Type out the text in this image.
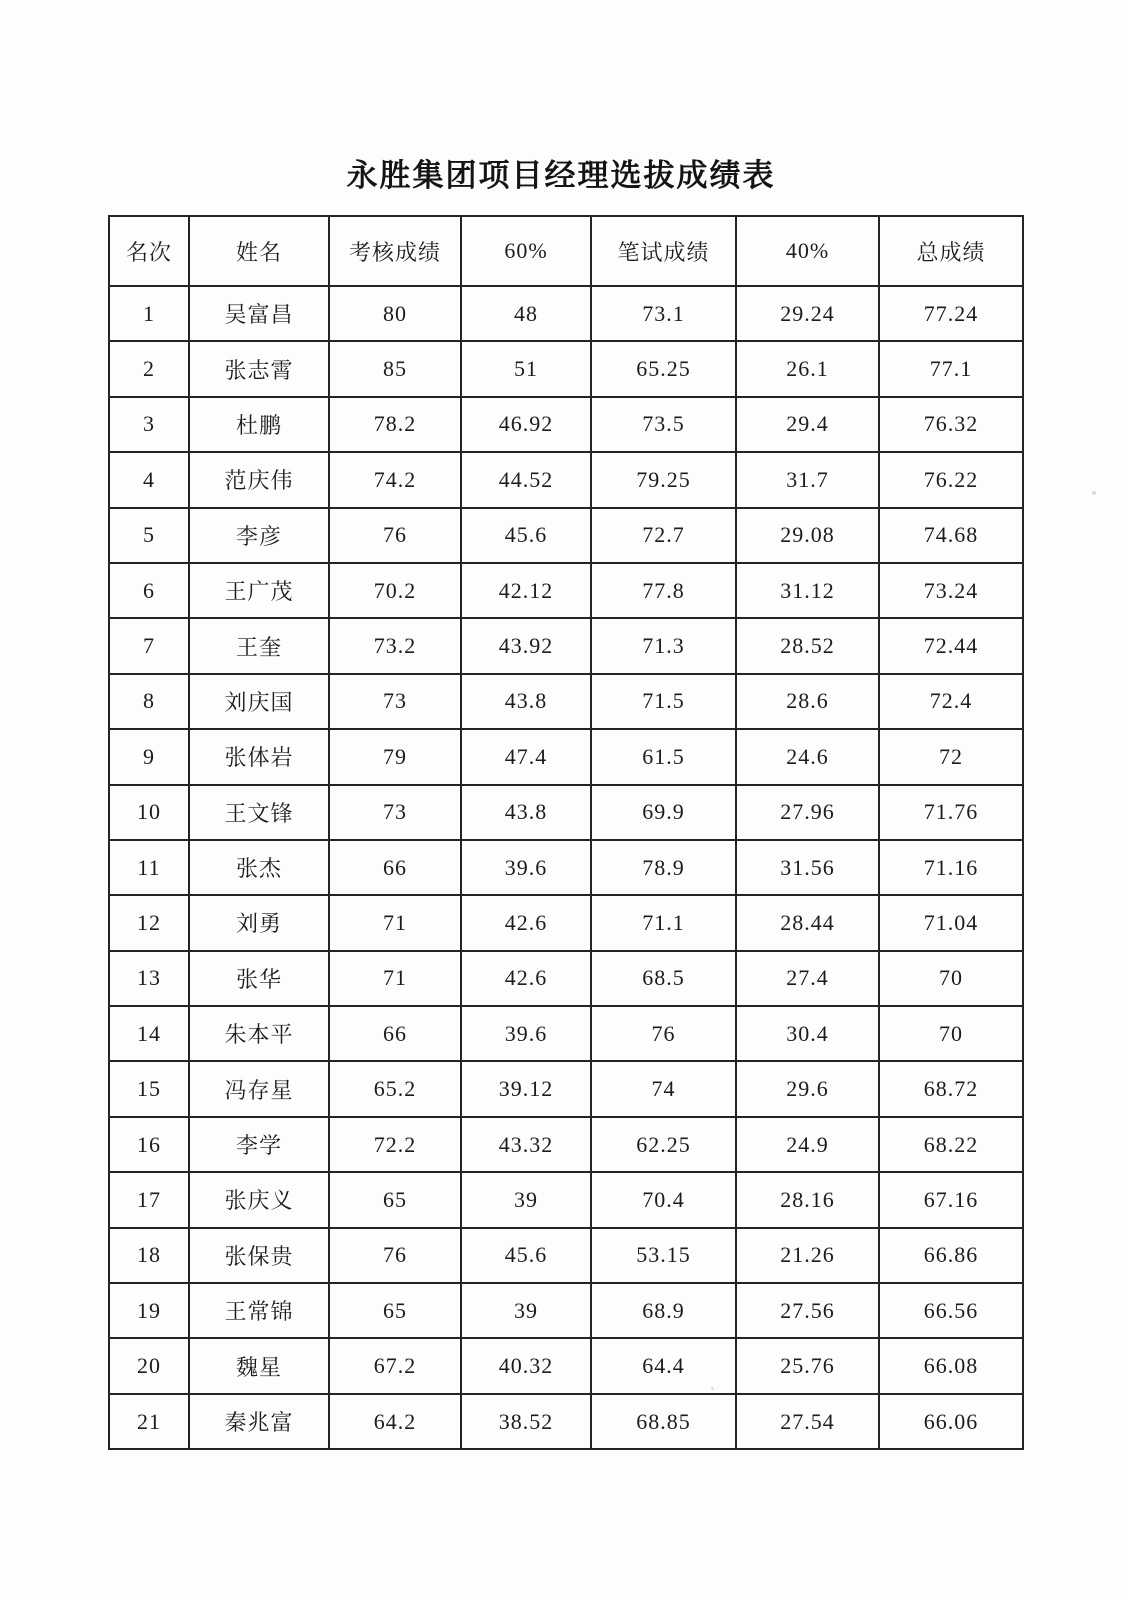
永胜集团项目经理选拔成绩表
名次	姓名	考核成绩	60%	笔试成绩	40%	总成绩
1	吴富昌	80	48	73.1	29.24	77.24
2	张志霄	85	51	65.25	26.1	77.1
3	杜鹏	78.2	46.92	73.5	29.4	76.32
4	范庆伟	74.2	44.52	79.25	31.7	76.22
5	李彦	76	45.6	72.7	29.08	74.68
6	王广茂	70.2	42.12	77.8	31.12	73.24
7	王奎	73.2	43.92	71.3	28.52	72.44
8	刘庆国	73	43.8	71.5	28.6	72.4
9	张体岩	79	47.4	61.5	24.6	72
10	王文锋	73	43.8	69.9	27.96	71.76
11	张杰	66	39.6	78.9	31.56	71.16
12	刘勇	71	42.6	71.1	28.44	71.04
13	张华	71	42.6	68.5	27.4	70
14	朱本平	66	39.6	76	30.4	70
15	冯存星	65.2	39.12	74	29.6	68.72
16	李学	72.2	43.32	62.25	24.9	68.22
17	张庆义	65	39	70.4	28.16	67.16
18	张保贵	76	45.6	53.15	21.26	66.86
19	王常锦	65	39	68.9	27.56	66.56
20	魏星	67.2	40.32	64.4	25.76	66.08
21	秦兆富	64.2	38.52	68.85	27.54	66.06
